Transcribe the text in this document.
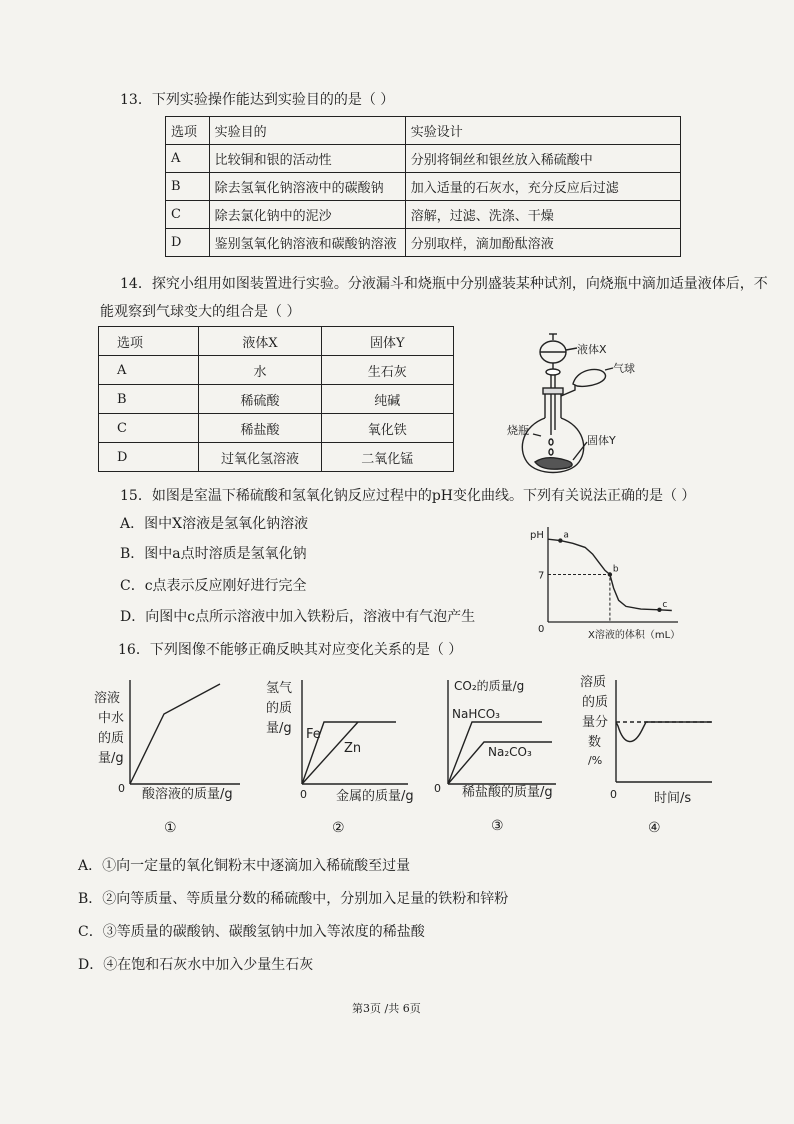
13．下列实验操作能达到实验目的的是（ ）
选项	实验目的	实验设计
A	比较铜和银的活动性	分别将铜丝和银丝放入稀硫酸中
B	除去氢氧化钠溶液中的碳酸钠	加入适量的石灰水，充分反应后过滤
C	除去氯化钠中的泥沙	溶解，过滤、洗涤、干燥
D	鉴别氢氧化钠溶液和碳酸钠溶液	分别取样，滴加酚酞溶液
14．探究小组用如图装置进行实验。分液漏斗和烧瓶中分别盛装某种试剂，向烧瓶中滴加适量液体后，不
能观察到气球变大的组合是（ ）
选项	液体X	固体Y
A	水	生石灰
B	稀硫酸	纯碱
C	稀盐酸	氧化铁
D	过氧化氢溶液	二氧化锰
液体X
气球
烧瓶
固体Y
15．如图是室温下稀硫酸和氢氧化钠反应过程中的pH变化曲线。下列有关说法正确的是（ ）
A．图中X溶液是氢氧化钠溶液
B．图中a点时溶质是氢氧化钠
C．c点表示反应刚好进行完全
D．向图中c点所示溶液中加入铁粉后，溶液中有气泡产生
a
b
c
pH
0
7
X溶液的体积（mL）
16．下列图像不能够正确反映其对应变化关系的是（ ）
溶液
中水
的质
量/g
0 酸溶液的质量/g
①
氢气
的质
量/g Fe
Zn
0 金属的质量/g
②
CO₂的质量/g
NaHCO₃
Na₂CO₃
0 稀盐酸的质量/g
③
溶质
的质
量分
数
/%
0	时间/s
④
A．①向一定量的氧化铜粉末中逐滴加入稀硫酸至过量
B．②向等质量、等质量分数的稀硫酸中，分别加入足量的铁粉和锌粉
C．③等质量的碳酸钠、碳酸氢钠中加入等浓度的稀盐酸
D．④在饱和石灰水中加入少量生石灰
第3页 /共 6页
